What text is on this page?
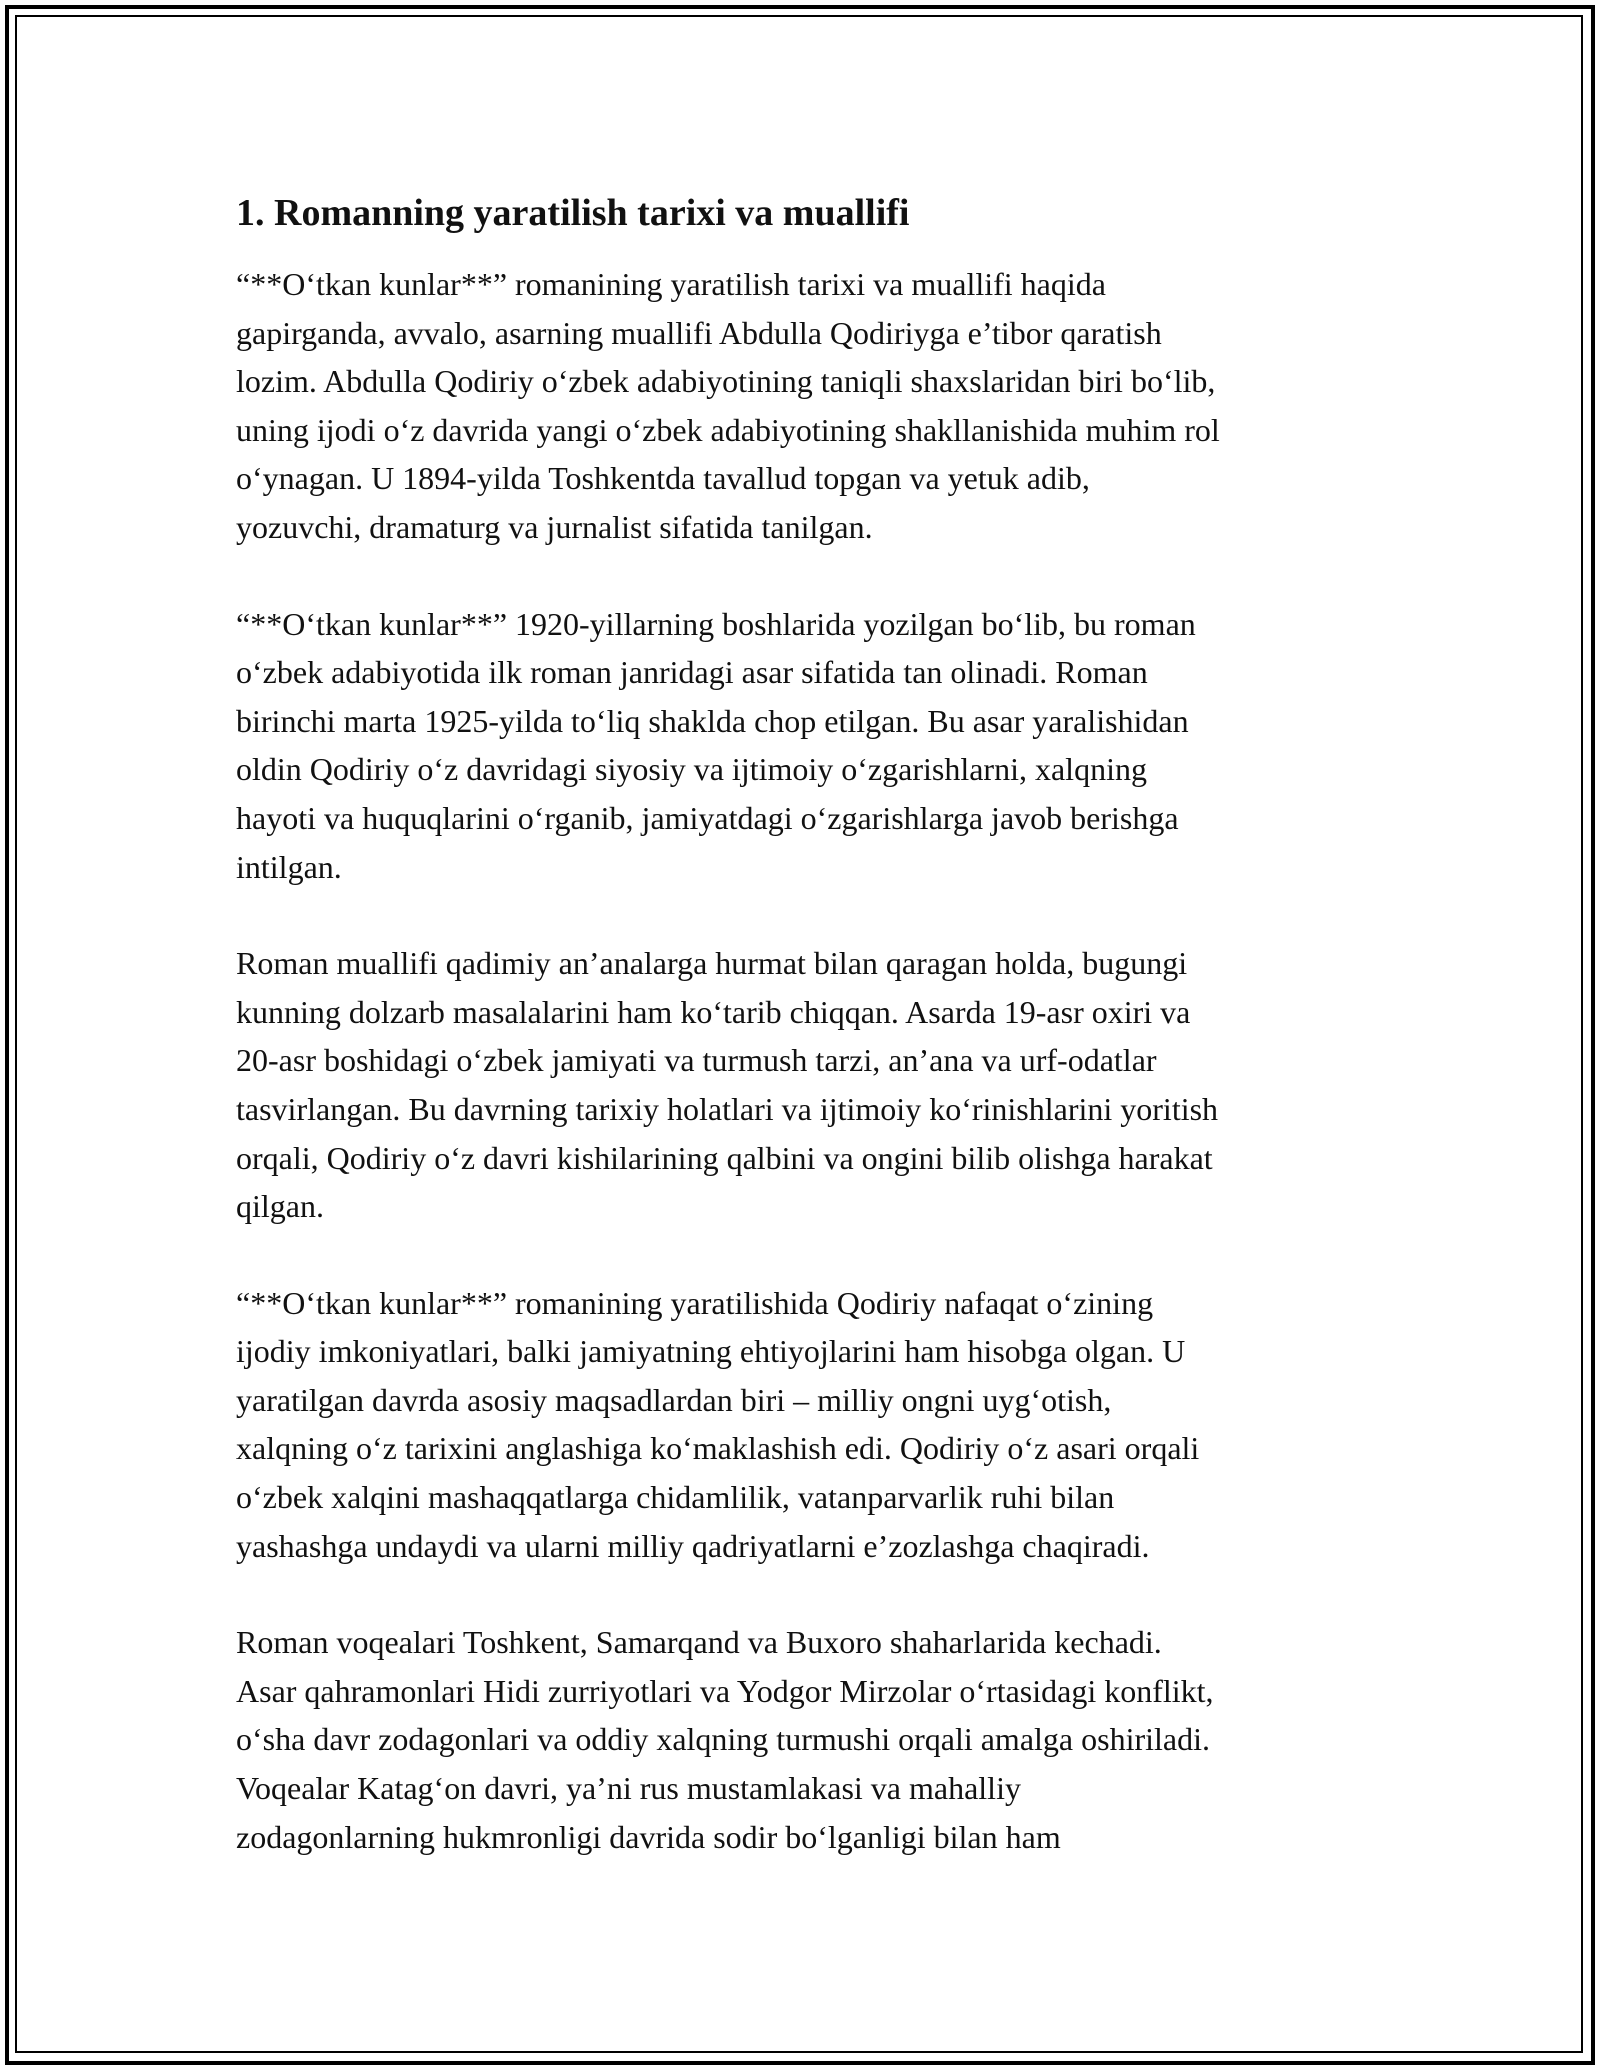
1. Romanning yaratilish tarixi va muallifi
“**O‘tkan kunlar**” romanining yaratilish tarixi va muallifi haqida
gapirganda, avvalo, asarning muallifi Abdulla Qodiriyga e’tibor qaratish
lozim. Abdulla Qodiriy o‘zbek adabiyotining taniqli shaxslaridan biri bo‘lib,
uning ijodi o‘z davrida yangi o‘zbek adabiyotining shakllanishida muhim rol
o‘ynagan. U 1894-yilda Toshkentda tavallud topgan va yetuk adib,
yozuvchi, dramaturg va jurnalist sifatida tanilgan.
“**O‘tkan kunlar**” 1920-yillarning boshlarida yozilgan bo‘lib, bu roman
o‘zbek adabiyotida ilk roman janridagi asar sifatida tan olinadi. Roman
birinchi marta 1925-yilda to‘liq shaklda chop etilgan. Bu asar yaralishidan
oldin Qodiriy o‘z davridagi siyosiy va ijtimoiy o‘zgarishlarni, xalqning
hayoti va huquqlarini o‘rganib, jamiyatdagi o‘zgarishlarga javob berishga
intilgan.
Roman muallifi qadimiy an’analarga hurmat bilan qaragan holda, bugungi
kunning dolzarb masalalarini ham ko‘tarib chiqqan. Asarda 19-asr oxiri va
20-asr boshidagi o‘zbek jamiyati va turmush tarzi, an’ana va urf-odatlar
tasvirlangan. Bu davrning tarixiy holatlari va ijtimoiy ko‘rinishlarini yoritish
orqali, Qodiriy o‘z davri kishilarining qalbini va ongini bilib olishga harakat
qilgan.
“**O‘tkan kunlar**” romanining yaratilishida Qodiriy nafaqat o‘zining
ijodiy imkoniyatlari, balki jamiyatning ehtiyojlarini ham hisobga olgan. U
yaratilgan davrda asosiy maqsadlardan biri – milliy ongni uyg‘otish,
xalqning o‘z tarixini anglashiga ko‘maklashish edi. Qodiriy o‘z asari orqali
o‘zbek xalqini mashaqqatlarga chidamlilik, vatanparvarlik ruhi bilan
yashashga undaydi va ularni milliy qadriyatlarni e’zozlashga chaqiradi.
Roman voqealari Toshkent, Samarqand va Buxoro shaharlarida kechadi.
Asar qahramonlari Hidi zurriyotlari va Yodgor Mirzolar o‘rtasidagi konflikt,
o‘sha davr zodagonlari va oddiy xalqning turmushi orqali amalga oshiriladi.
Voqealar Katag‘on davri, ya’ni rus mustamlakasi va mahalliy
zodagonlarning hukmronligi davrida sodir bo‘lganligi bilan ham
